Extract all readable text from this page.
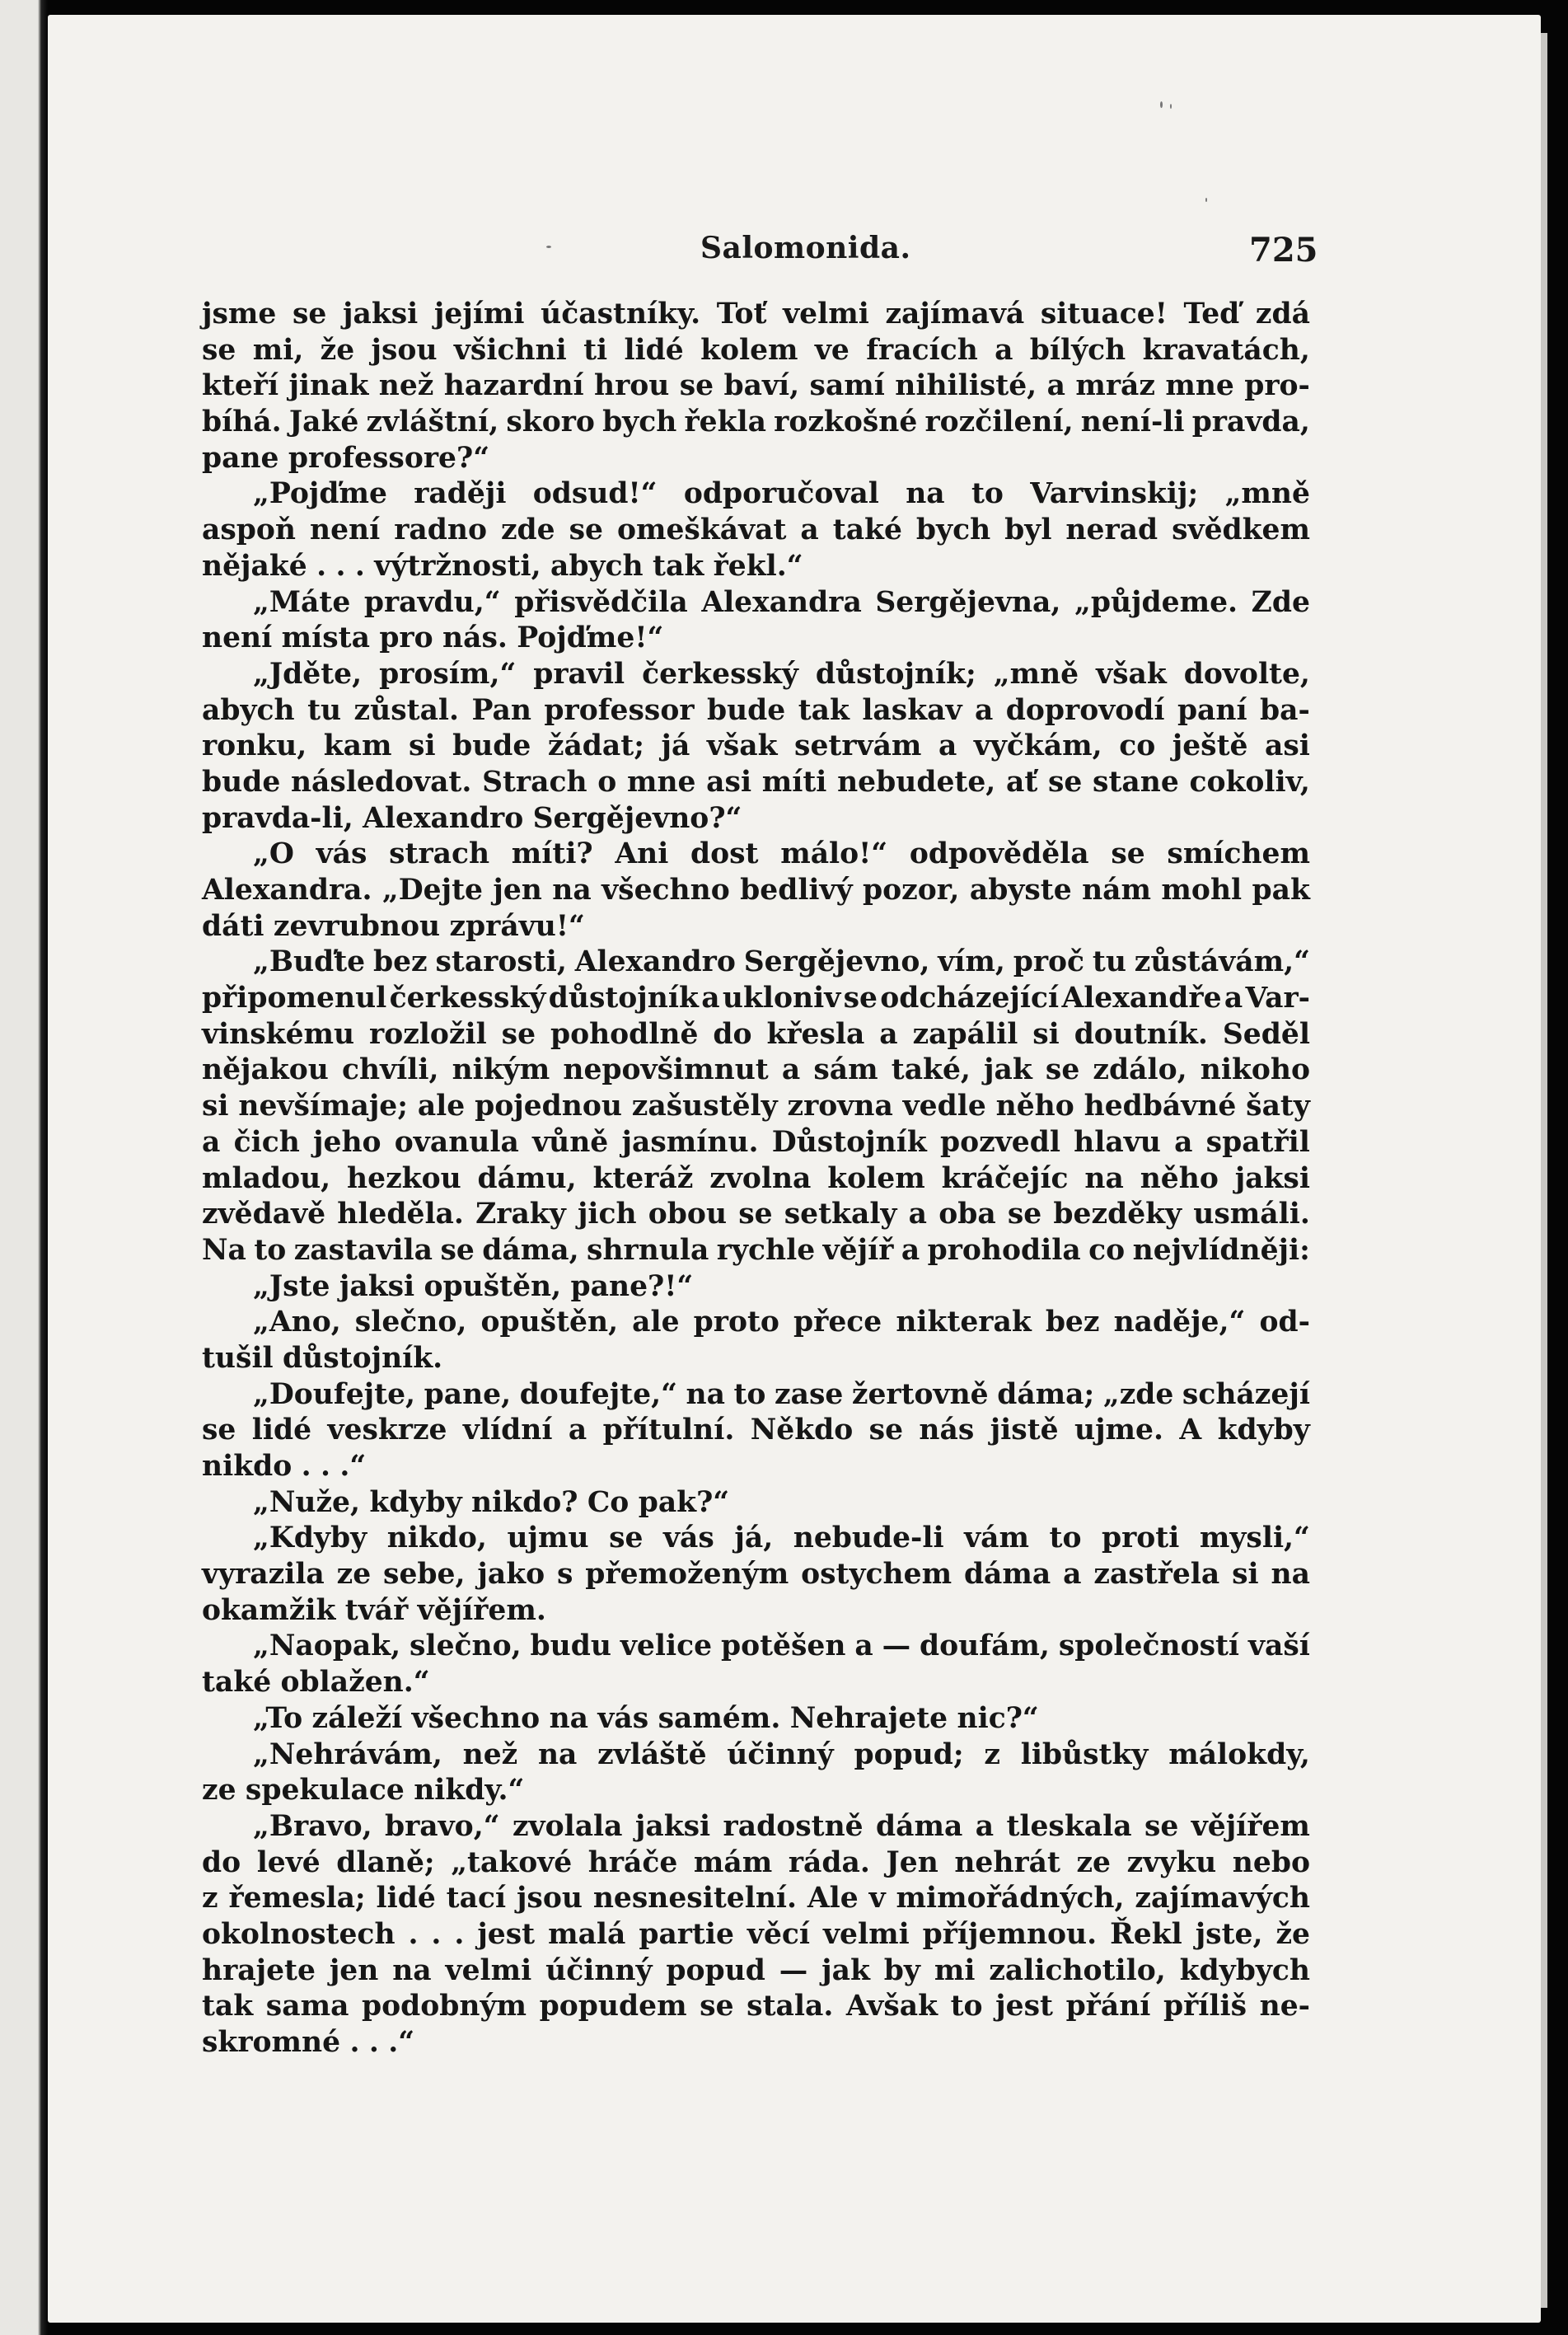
Salomonida.	725
jsme se jaksi jejími účastníky. Toť velmi zajímavá situace! Teď zdá
se mi, že jsou všichni ti lidé kolem ve fracích a bílých kravatách,
kteří jinak než hazardní hrou se baví, samí nihilisté, a mráz mne pro-
bíhá. Jaké zvláštní, skoro bych řekla rozkošné rozčilení, není-li pravda,
pane professore?“
„Pojďme raději odsud!“ odporučoval na to Varvinskij; „mně
aspoň není radno zde se omeškávat a také bych byl nerad svědkem
nějaké . . . výtržnosti, abych tak řekl.“
„Máte pravdu,“ přisvědčila Alexandra Sergějevna, „půjdeme. Zde
není místa pro nás. Pojďme!“
„Jděte, prosím,“ pravil čerkesský důstojník; „mně však dovolte,
abych tu zůstal. Pan professor bude tak laskav a doprovodí paní ba-
ronku, kam si bude žádat; já však setrvám a vyčkám, co ještě asi
bude následovat. Strach o mne asi míti nebudete, ať se stane cokoliv,
pravda-li, Alexandro Sergějevno?“
„O vás strach míti? Ani dost málo!“ odpověděla se smíchem
Alexandra. „Dejte jen na všechno bedlivý pozor, abyste nám mohl pak
dáti zevrubnou zprávu!“
„Buďte bez starosti, Alexandro Sergějevno, vím, proč tu zůstávám,“
připomenul čerkesský důstojník a ukloniv se odcházející Alexandře a Var-
vinskému rozložil se pohodlně do křesla a zapálil si doutník. Seděl
nějakou chvíli, nikým nepovšimnut a sám také, jak se zdálo, nikoho
si nevšímaje; ale pojednou zašustěly zrovna vedle něho hedbávné šaty
a čich jeho ovanula vůně jasmínu. Důstojník pozvedl hlavu a spatřil
mladou, hezkou dámu, kteráž zvolna kolem kráčejíc na něho jaksi
zvědavě hleděla. Zraky jich obou se setkaly a oba se bezděky usmáli.
Na to zastavila se dáma, shrnula rychle vějíř a prohodila co nejvlídněji:
„Jste jaksi opuštěn, pane?!“
„Ano, slečno, opuštěn, ale proto přece nikterak bez naděje,“ od-
tušil důstojník.
„Doufejte, pane, doufejte,“ na to zase žertovně dáma; „zde scházejí
se lidé veskrze vlídní a přítulní. Někdo se nás jistě ujme. A kdyby
nikdo . . .“
„Nuže, kdyby nikdo? Co pak?“
„Kdyby nikdo, ujmu se vás já, nebude-li vám to proti mysli,“
vyrazila ze sebe, jako s přemoženým ostychem dáma a zastřela si na
okamžik tvář vějířem.
„Naopak, slečno, budu velice potěšen a — doufám, společností vaší
také oblažen.“
„To záleží všechno na vás samém. Nehrajete nic?“
„Nehrávám, než na zvláště účinný popud; z libůstky málokdy,
ze spekulace nikdy.“
„Bravo, bravo,“ zvolala jaksi radostně dáma a tleskala se vějířem
do levé dlaně; „takové hráče mám ráda. Jen nehrát ze zvyku nebo
z řemesla; lidé tací jsou nesnesitelní. Ale v mimořádných, zajímavých
okolnostech . . . jest malá partie věcí velmi příjemnou. Řekl jste, že
hrajete jen na velmi účinný popud — jak by mi zalichotilo, kdybych
tak sama podobným popudem se stala. Avšak to jest přání příliš ne-
skromné . . .“
